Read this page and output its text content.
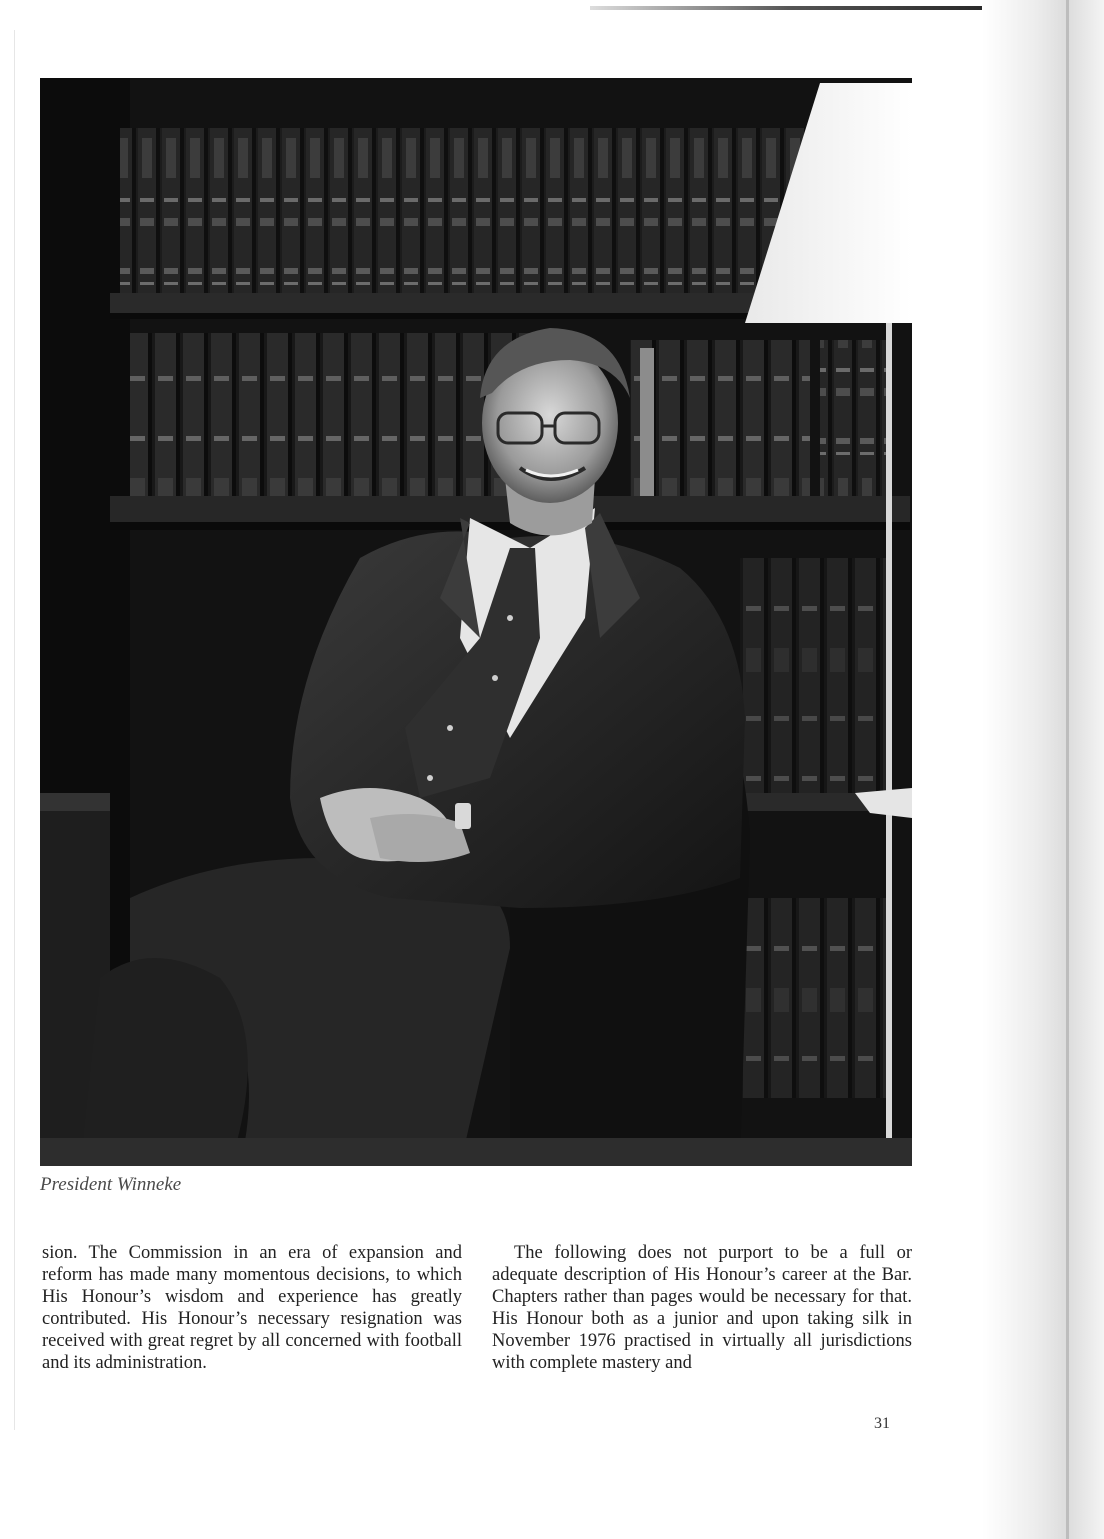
President Winneke

sion. The Commission in an era of expansion and reform has made many momentous decisions, to which His Honour’s wisdom and experience has greatly contributed. His Honour’s necessary resignation was received with great regret by all concerned with football and its administration.

The following does not purport to be a full or adequate description of His Honour’s career at the Bar. Chapters rather than pages would be necessary for that. His Honour both as a junior and upon taking silk in November 1976 practised in virtually all jurisdictions with complete mastery and

31
